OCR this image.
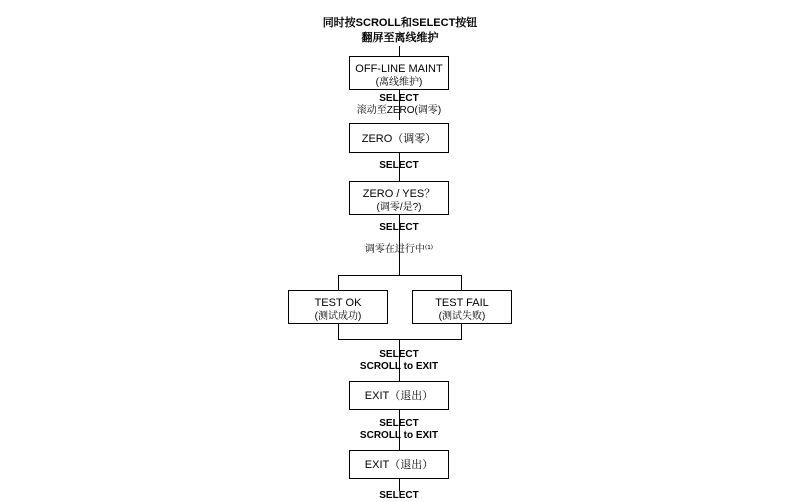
同时按SCROLL和SELECT按钮
翻屏至离线维护
OFF-LINE MAINT
(离线维护)
SELECT
滚动至ZERO(调零)
ZERO（调零）
SELECT
ZERO / YES？
(调零/是?)
SELECT
调零在进行中⁽¹⁾
TEST OK
(测试成功)
TEST FAIL
(测试失败)
SELECT
SCROLL to EXIT
EXIT（退出）
SELECT
SCROLL to EXIT
EXIT（退出）
SELECT
